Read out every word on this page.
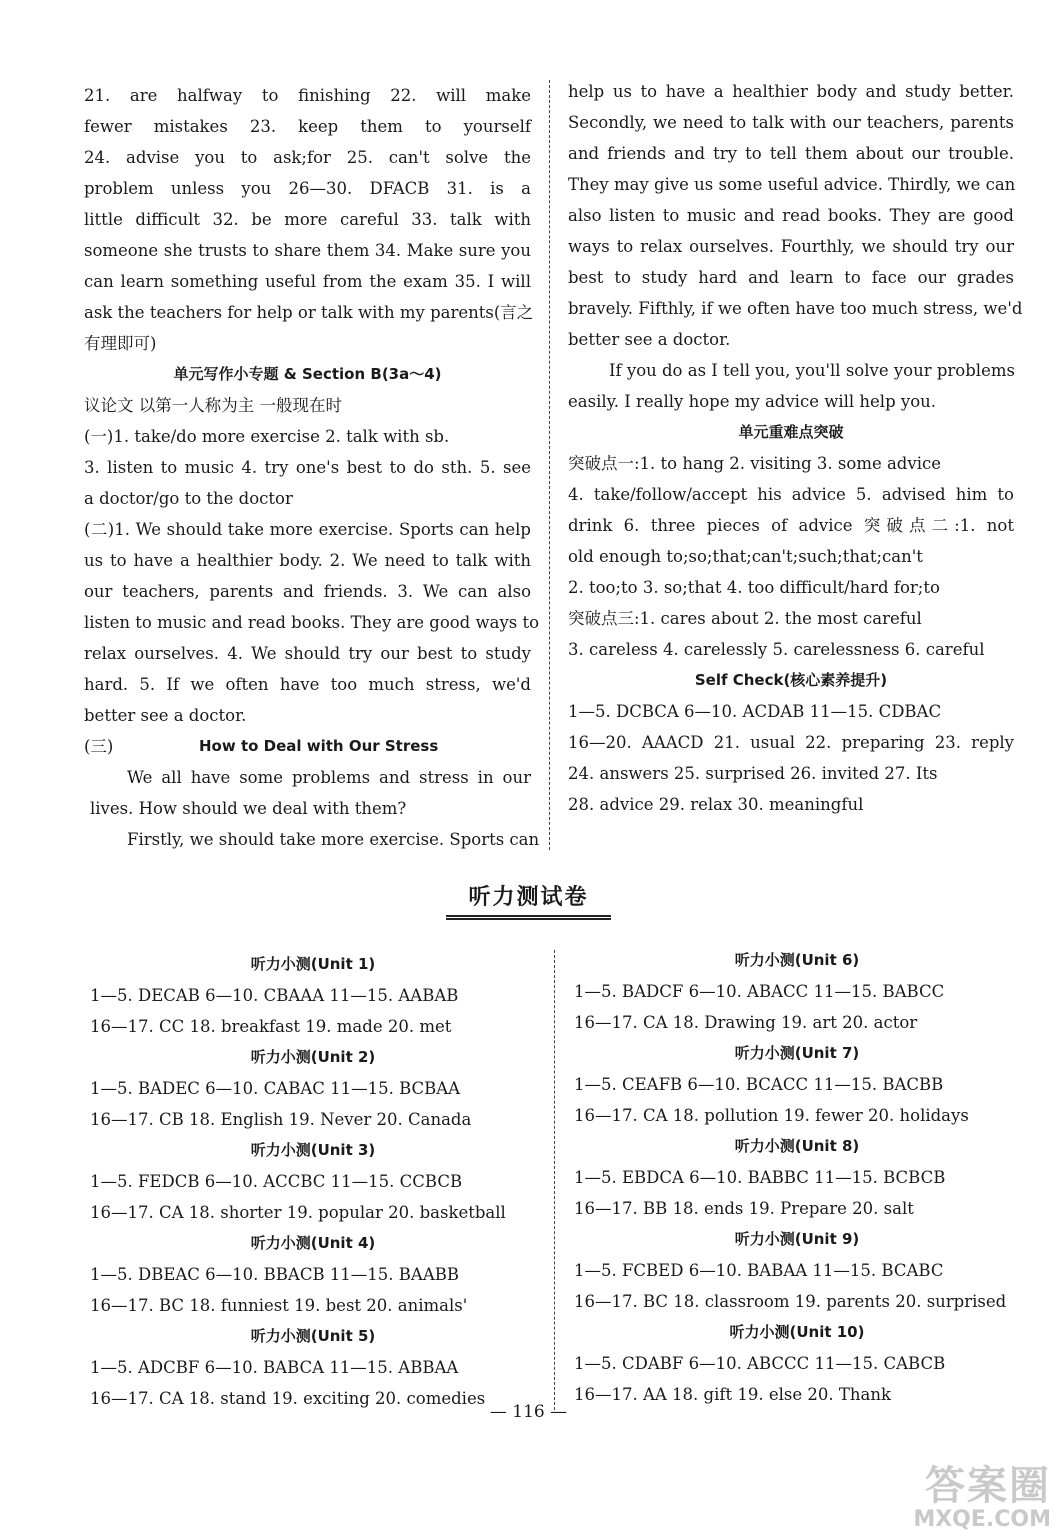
21. are halfway to finishing 22. will make

fewer mistakes 23. keep them to yourself

24. advise you to ask;for 25. can't solve the

problem unless you 26—30. DFACB 31. is a

little difficult 32. be more careful 33. talk with

someone she trusts to share them 34. Make sure you

can learn something useful from the exam 35. I will

ask the teachers for help or talk with my parents(言之

有理即可)

单元写作小专题 & Section B(3a～4)

议论文 以第一人称为主 一般现在时

(一)1. take/do more exercise 2. talk with sb.

3. listen to music 4. try one's best to do sth. 5. see

a doctor/go to the doctor

(二)1. We should take more exercise. Sports can help

us to have a healthier body. 2. We need to talk with

our teachers, parents and friends. 3. We can also

listen to music and read books. They are good ways to

relax ourselves. 4. We should try our best to study

hard. 5. If we often have too much stress, we'd

better see a doctor.

(三)	How to Deal with Our Stress

We all have some problems and stress in our

lives. How should we deal with them?

Firstly, we should take more exercise. Sports can

help us to have a healthier body and study better.

Secondly, we need to talk with our teachers, parents

and friends and try to tell them about our trouble.

They may give us some useful advice. Thirdly, we can

also listen to music and read books. They are good

ways to relax ourselves. Fourthly, we should try our

best to study hard and learn to face our grades

bravely. Fifthly, if we often have too much stress, we'd

better see a doctor.

If you do as I tell you, you'll solve your problems

easily. I really hope my advice will help you.

单元重难点突破

突破点一:1. to hang 2. visiting 3. some advice

4. take/follow/accept his advice 5. advised him to

drink 6. three pieces of advice 突破点二:1. not

old enough to;so;that;can't;such;that;can't

2. too;to 3. so;that 4. too difficult/hard for;to

突破点三:1. cares about 2. the most careful

3. careless 4. carelessly 5. carelessness 6. careful

Self Check(核心素养提升)

1—5. DCBCA 6—10. ACDAB 11—15. CDBAC

16—20. AAACD 21. usual 22. preparing 23. reply

24. answers 25. surprised 26. invited 27. Its

28. advice 29. relax 30. meaningful

听力测试卷

听力小测(Unit 1)

1—5. DECAB 6—10. CBAAA 11—15. AABAB

16—17. CC 18. breakfast 19. made 20. met

听力小测(Unit 2)

1—5. BADEC 6—10. CABAC 11—15. BCBAA

16—17. CB 18. English 19. Never 20. Canada

听力小测(Unit 3)

1—5. FEDCB 6—10. ACCBC 11—15. CCBCB

16—17. CA 18. shorter 19. popular 20. basketball

听力小测(Unit 4)

1—5. DBEAC 6—10. BBACB 11—15. BAABB

16—17. BC 18. funniest 19. best 20. animals'

听力小测(Unit 5)

1—5. ADCBF 6—10. BABCA 11—15. ABBAA

16—17. CA 18. stand 19. exciting 20. comedies

听力小测(Unit 6)

1—5. BADCF 6—10. ABACC 11—15. BABCC

16—17. CA 18. Drawing 19. art 20. actor

听力小测(Unit 7)

1—5. CEAFB 6—10. BCACC 11—15. BACBB

16—17. CA 18. pollution 19. fewer 20. holidays

听力小测(Unit 8)

1—5. EBDCA 6—10. BABBC 11—15. BCBCB

16—17. BB 18. ends 19. Prepare 20. salt

听力小测(Unit 9)

1—5. FCBED 6—10. BABAA 11—15. BCABC

16—17. BC 18. classroom 19. parents 20. surprised

听力小测(Unit 10)

1—5. CDABF 6—10. ABCCC 11—15. CABCB

16—17. AA 18. gift 19. else 20. Thank

— 116 —
答案圈
MXQE.COM
